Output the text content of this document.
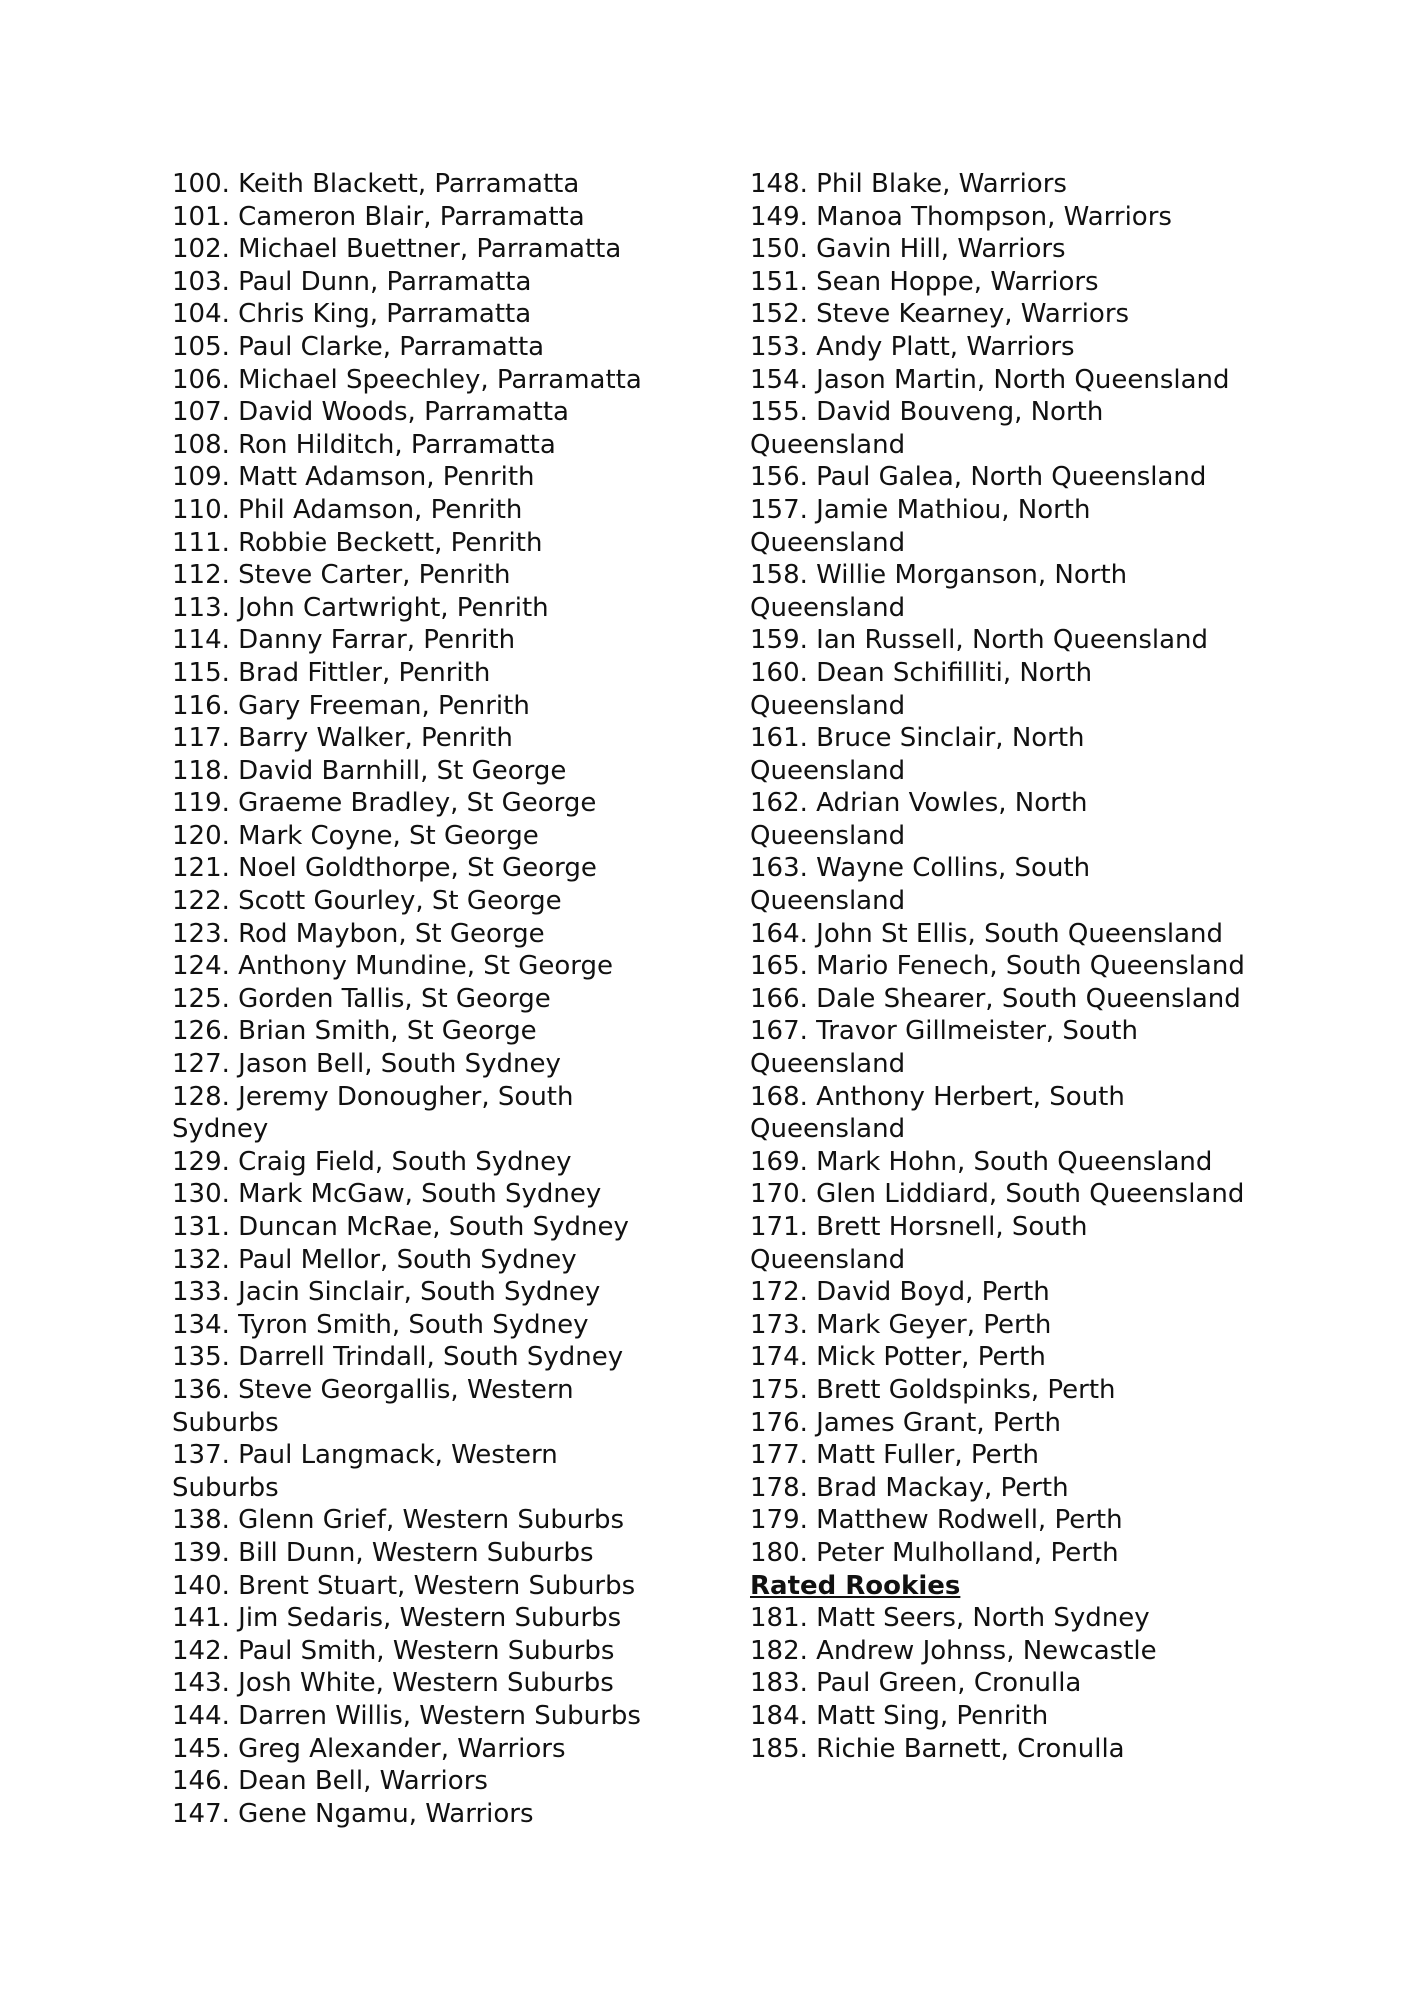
100. Keith Blackett, Parramatta
101. Cameron Blair, Parramatta
102. Michael Buettner, Parramatta
103. Paul Dunn, Parramatta
104. Chris King, Parramatta
105. Paul Clarke, Parramatta
106. Michael Speechley, Parramatta
107. David Woods, Parramatta
108. Ron Hilditch, Parramatta
109. Matt Adamson, Penrith
110. Phil Adamson, Penrith
111. Robbie Beckett, Penrith
112. Steve Carter, Penrith
113. John Cartwright, Penrith
114. Danny Farrar, Penrith
115. Brad Fittler, Penrith
116. Gary Freeman, Penrith
117. Barry Walker, Penrith
118. David Barnhill, St George
119. Graeme Bradley, St George
120. Mark Coyne, St George
121. Noel Goldthorpe, St George
122. Scott Gourley, St George
123. Rod Maybon, St George
124. Anthony Mundine, St George
125. Gorden Tallis, St George
126. Brian Smith, St George
127. Jason Bell, South Sydney
128. Jeremy Donougher, South Sydney
129. Craig Field, South Sydney
130. Mark McGaw, South Sydney
131. Duncan McRae, South Sydney
132. Paul Mellor, South Sydney
133. Jacin Sinclair, South Sydney
134. Tyron Smith, South Sydney
135. Darrell Trindall, South Sydney
136. Steve Georgallis, Western Suburbs
137. Paul Langmack, Western Suburbs
138. Glenn Grief, Western Suburbs
139. Bill Dunn, Western Suburbs
140. Brent Stuart, Western Suburbs
141. Jim Sedaris, Western Suburbs
142. Paul Smith, Western Suburbs
143. Josh White, Western Suburbs
144. Darren Willis, Western Suburbs
145. Greg Alexander, Warriors
146. Dean Bell, Warriors
147. Gene Ngamu, Warriors
148. Phil Blake, Warriors
149. Manoa Thompson, Warriors
150. Gavin Hill, Warriors
151. Sean Hoppe, Warriors
152. Steve Kearney, Warriors
153. Andy Platt, Warriors
154. Jason Martin, North Queensland
155. David Bouveng, North Queensland
156. Paul Galea, North Queensland
157. Jamie Mathiou, North Queensland
158. Willie Morganson, North Queensland
159. Ian Russell, North Queensland
160. Dean Schifilliti, North Queensland
161. Bruce Sinclair, North Queensland
162. Adrian Vowles, North Queensland
163. Wayne Collins, South Queensland
164. John St Ellis, South Queensland
165. Mario Fenech, South Queensland
166. Dale Shearer, South Queensland
167. Travor Gillmeister, South Queensland
168. Anthony Herbert, South Queensland
169. Mark Hohn, South Queensland
170. Glen Liddiard, South Queensland
171. Brett Horsnell, South Queensland
172. David Boyd, Perth
173. Mark Geyer, Perth
174. Mick Potter, Perth
175. Brett Goldspinks, Perth
176. James Grant, Perth
177. Matt Fuller, Perth
178. Brad Mackay, Perth
179. Matthew Rodwell, Perth
180. Peter Mulholland, Perth
Rated Rookies
181. Matt Seers, North Sydney
182. Andrew Johnss, Newcastle
183. Paul Green, Cronulla
184. Matt Sing, Penrith
185. Richie Barnett, Cronulla
